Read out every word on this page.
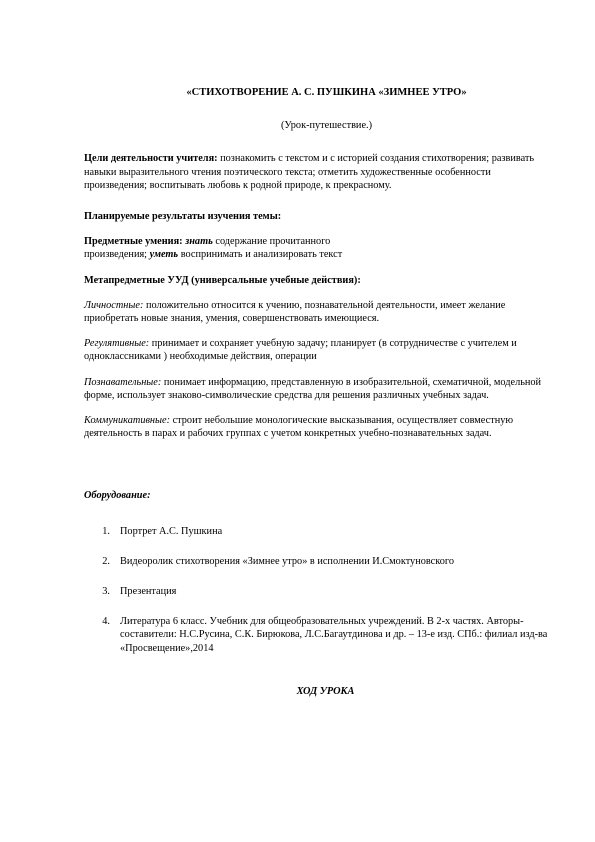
«СТИХОТВОРЕНИЕ А. С. ПУШКИНА «ЗИМНЕЕ УТРО»
(Урок-путешествие.)

Цели деятельности учителя: познакомить с текстом и с историей создания стихотворения; развивать навыки выразительного чтения поэтического текста; отметить художественные особенности произведения; воспитывать любовь к родной природе, к прекрасному.

Планируемые результаты изучения темы:

Предметные умения: знать содержание прочитанного
произведения; уметь воспринимать и анализировать текст

Метапредметные УУД (универсальные учебные действия):

Личностные: положительно относится к учению, познавательной деятельности, имеет желание приобретать новые знания, умения, совершенствовать имеющиеся.

Регулятивные: принимает и сохраняет учебную задачу; планирует (в сотрудничестве с учителем и одноклассниками ) необходимые действия, операции

Познавательные: понимает информацию, представленную в изобразительной, схематичной, модельной форме, использует знаково-символические средства для решения различных учебных задач.

Коммуникативные: строит небольшие монологические высказывания, осуществляет совместную деятельность в парах и рабочих группах с учетом конкретных учебно-познавательных задач.

Оборудование:

1. Портрет А.С. Пушкина
2. Видеоролик стихотворения «Зимнее утро» в исполнении И.Смоктуновского
3. Презентация
4. Литература 6 класс. Учебник для общеобразовательных учреждений. В 2-х частях. Авторы-составители: Н.С.Русина, С.К. Бирюкова, Л.С.Багаутдинова и др. – 13-е изд. СПб.: филиал изд-ва «Просвещение»,2014
ХОД УРОКА
